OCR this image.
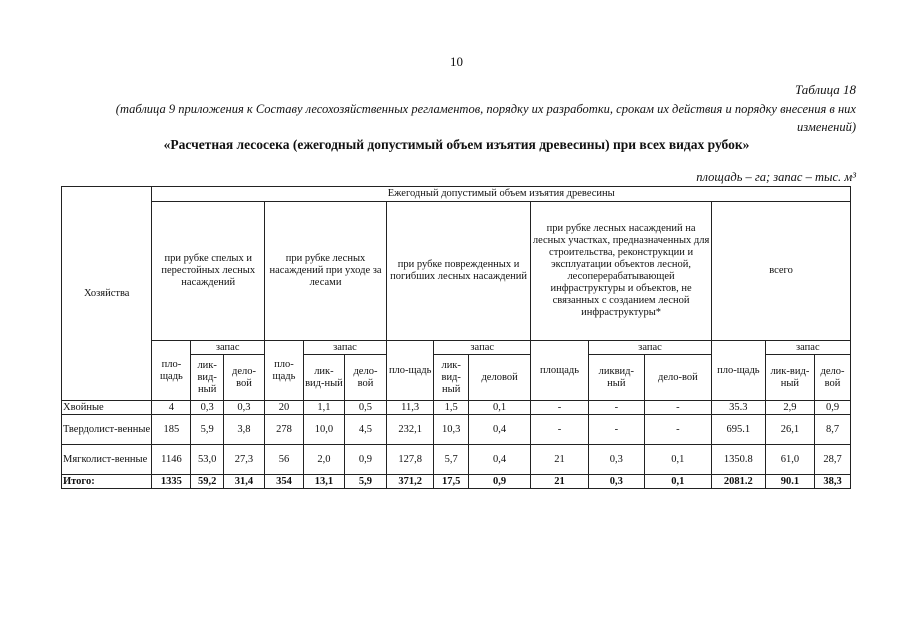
10
Таблица 18
(таблица 9 приложения к Составу лесохозяйственных регламентов, порядку их разработки, срокам их действия и порядку внесения в них изменений)
«Расчетная лесосека (ежегодный допустимый объем изъятия древесины) при всех видах рубок»
площадь – га; запас – тыс. м³
Хозяйства	Ежегодный допустимый объем изъятия древесины														
	при рубке спелых и перестойных лесных насаждений			при рубке лесных насаждений при уходе за лесами			при рубке поврежденных и погибших лесных насаждений			при рубке лесных насаждений на лесных участках, предназначенных для строительства, реконструкции и эксплуатации объектов лесной, лесоперерабатывающей инфраструктуры и объектов, не связанных с созданием лесной инфраструктуры*			всего		
	пло-щадь	запас		пло-щадь	запас		пло-щадь	запас		площадь	запас		пло-щадь	запас	
		лик-вид-ный	дело-вой		лик-вид-ный	дело-вой		лик-вид-ный	деловой		ликвид-ный	дело-вой		лик-вид-ный	дело-вой
Хвойные	4	0,3	0,3	20	1,1	0,5	11,3	1,5	0,1	-	-	-	35.3	2,9	0,9
Твердолист-венные	185	5,9	3,8	278	10,0	4,5	232,1	10,3	0,4	-	-	-	695.1	26,1	8,7
Мягколист-венные	1146	53,0	27,3	56	2,0	0,9	127,8	5,7	0,4	21	0,3	0,1	1350.8	61,0	28,7
Итого:	1335	59,2	31,4	354	13,1	5,9	371,2	17,5	0,9	21	0,3	0,1	2081.2	90.1	38,3
